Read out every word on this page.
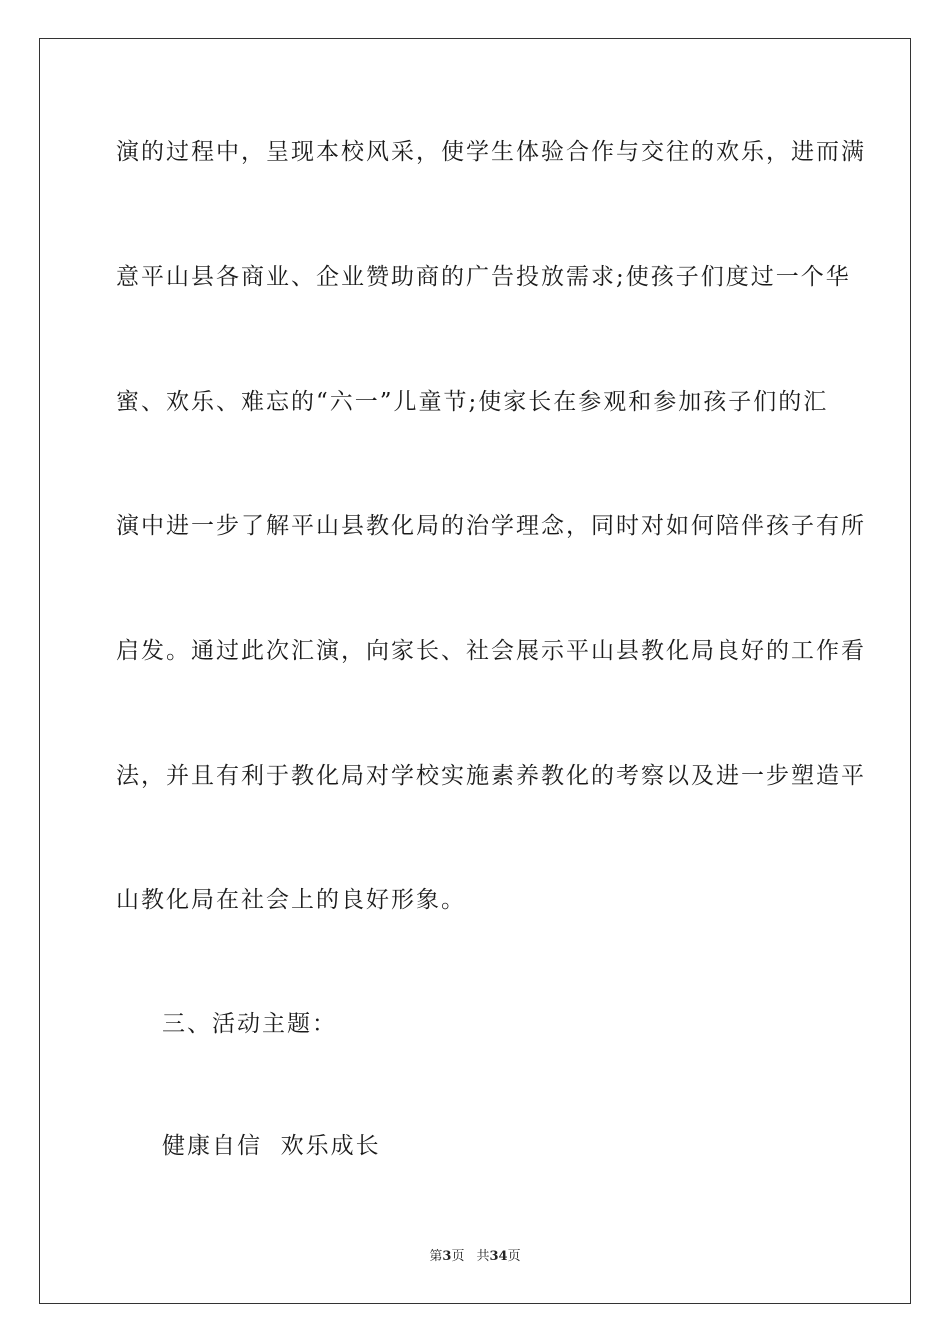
演的过程中，呈现本校风采，使学生体验合作与交往的欢乐，进而满
意平山县各商业、企业赞助商的广告投放需求;使孩子们度过一个华
蜜、欢乐、难忘的“六一”儿童节;使家长在参观和参加孩子们的汇
演中进一步了解平山县教化局的治学理念，同时对如何陪伴孩子有所
启发。通过此次汇演，向家长、社会展示平山县教化局良好的工作看
法，并且有利于教化局对学校实施素养教化的考察以及进一步塑造平
山教化局在社会上的良好形象。
三、活动主题：
健康自信  欢乐成长
第3页 共34页
